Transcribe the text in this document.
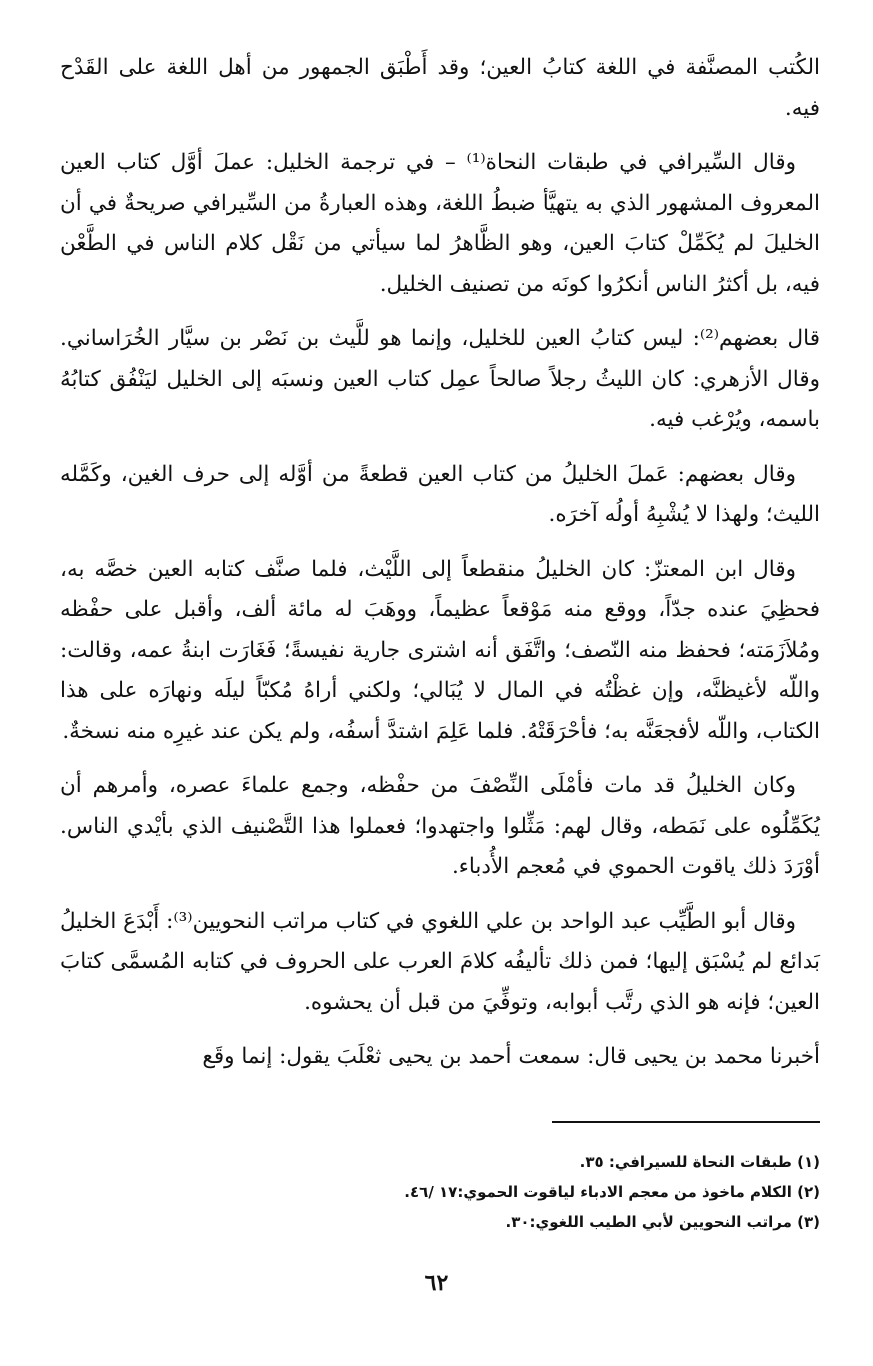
الكُتب المصنَّفة في اللغة كتابُ العين؛ وقد أَطْبَق الجمهور من أهل اللغة على القَدْح فيه.

وقال السِّيرافي في طبقات النحاة⁽¹⁾ – في ترجمة الخليل: عملَ أوَّل كتاب العين المعروف المشهور الذي به يتهيَّأ ضبطُ اللغة، وهذه العبارةُ من السِّيرافي صريحةٌ في أن الخليلَ لم يُكَمِّلْ كتابَ العين، وهو الظَّاهرُ لما سيأتي من نَقْل كلام الناس في الطَّعْن فيه، بل أكثرُ الناس أنكرُوا كونَه من تصنيف الخليل.

قال بعضهم⁽²⁾: ليس كتابُ العين للخليل، وإنما هو للَّيث بن نَصْر بن سيَّار الخُرَاساني. وقال الأزهري: كان الليثُ رجلاً صالحاً عمِل كتاب العين ونسبَه إلى الخليل ليَنْفُق كتابُهُ باسمه، ويُرْغب فيه.

وقال بعضهم: عَملَ الخليلُ من كتاب العين قطعةً من أوَّله إلى حرف الغين، وكَمَّله الليث؛ ولهذا لا يُشْبِهُ أولُه آخرَه.

وقال ابن المعتزّ: كان الخليلُ منقطعاً إلى اللَّيْث، فلما صنَّف كتابه العين خصَّه به، فحظِيَ عنده جدّاً، ووقع منه مَوْقعاً عظيماً، ووهَبَ له مائة ألف، وأقبل على حفْظه ومُلاَزَمَته؛ فحفظ منه النّصف؛ واتَّفَق أنه اشترى جارية نفيسةً؛ فَغَارَت ابنةُ عمه، وقالت: واللّه لأغيظنَّه، وإن غظْتُه في المال لا يُبَالي؛ ولكني أراهُ مُكبّاً ليلَه ونهارَه على هذا الكتاب، واللّه لأفجعَنَّه به؛ فأحْرَقَتْهُ. فلما عَلِمَ اشتدَّ أسفُه، ولم يكن عند غيرِه منه نسخةٌ.

وكان الخليلُ قد مات فأمْلَى النِّصْفَ من حفْظه، وجمع علماءَ عصره، وأمرهم أن يُكَمِّلُوه على نَمَطه، وقال لهم: مَثِّلوا واجتهدوا؛ فعملوا هذا التَّصْنيف الذي بأيْدي الناس. أوْرَدَ ذلك ياقوت الحموي في مُعجم الأُدباء.

وقال أبو الطَّيِّب عبد الواحد بن علي اللغوي في كتاب مراتب النحويين⁽³⁾: أَبْدَعَ الخليلُ بَدائع لم يُسْبَق إليها؛ فمن ذلك تأليفُه كلامَ العرب على الحروف في كتابه المُسمَّى كتابَ العين؛ فإنه هو الذي رتَّب أبوابه، وتوفِّيَ من قبل أن يحشوه.

أخبرنا محمد بن يحيى قال: سمعت أحمد بن يحيى ثعْلَبَ يقول: إنما وقَع

(١) طبقات النحاة للسيرافي: ٣٥.
(٢) الكلام ماخوذ من معجم الادباء لياقوت الحموي:١٧ /٤٦.
(٣) مراتب النحويين لأبي الطيب اللغوي:٣٠.
٦٢
